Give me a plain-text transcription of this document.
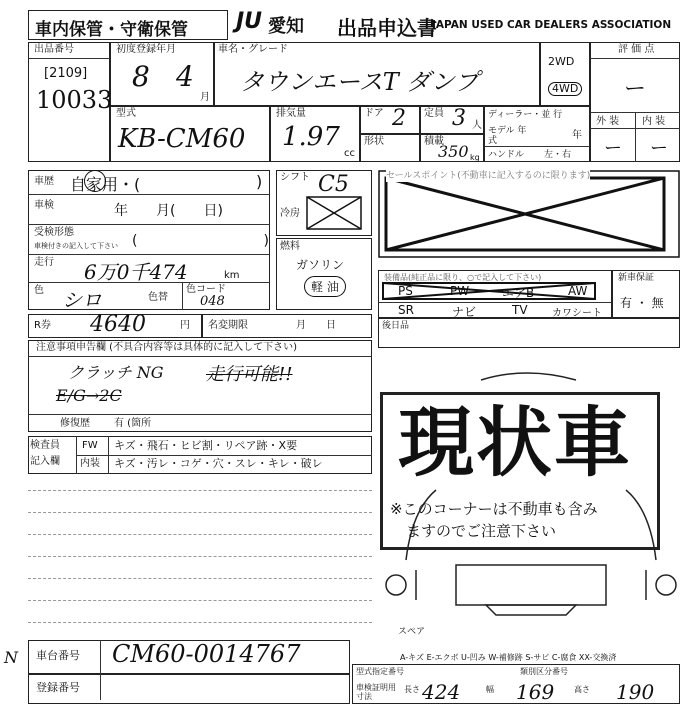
車内保管・守衛保管 JU 愛知 出品申込書
JAPAN USED CAR DEALERS ASSOCIATION
出品番号
[2109]
10033
初度登録年月
8 4
月
車名・グレード
タウンエースT ダンプ
2WD
4WD
評 価 点
ー
外 装 内 装
ー ー
型式
KB-CM60
排気量
1.97
cc
ドア 2 定員 3 人
ディーラー・並 行
モデル 年式	年
ハンドル 左・右
形状	積載
350 kg
車歴 自家用・(	)
車検	年　　月(　　日)
受検形態
車検付きの記入して下さい (　　　　　　　　　)
走行 6万0千474	km
色 シロ	色替
色コード
048
シフト C5
冷房
燃料
ガソリン
軽 油
セールスポイント(不動車に記入するのに限ります)
装備品(純正品に限り、○で記入して下さい)
PS	PW	エアB	AW
SR	ナビ	TV カワシート
新車保証
有 ・ 無
R券 4640	円 名変期限	月　　日
注意事項申告欄 (不具合内容等は具体的に記入して下さい)
クラッチ NG 走行可能!!
E/G→2C
修復歴 有 (箇所
後日品
検査員
記入欄
FW キズ・飛石・ヒビ割・リペア跡・X要
内装 キズ・汚レ・コゲ・穴・スレ・キレ・破レ
スペア
現状車
※このコーナーは不動車も含み
ますのでご注意下さい
N 車台番号 CM60-0014767
登録番号
A-キズ E-エクボ U-凹み W-補修跡 S-サビ C-腐食 XX-交換済
型式指定番号	類別区分番号
車検証明用
寸法
長さ 424	幅 169 高さ 190
